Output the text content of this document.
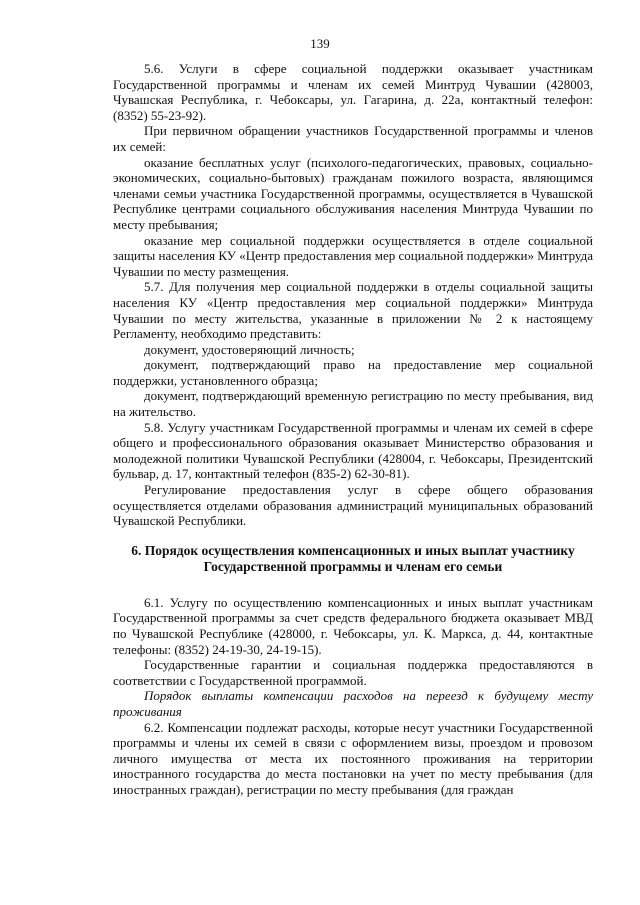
139

5.6. Услуги в сфере социальной поддержки оказывает участникам Государственной программы и членам их семей Минтруд Чувашии (428003, Чувашская Республика, г. Чебоксары, ул. Гагарина, д. 22а, контактный телефон: (8352) 55-23-92).

При первичном обращении участников Государственной программы и членов их семей:

оказание бесплатных услуг (психолого-педагогических, правовых, социально-экономических, социально-бытовых) гражданам пожилого возраста, являющимся членами семьи участника Государственной программы, осуществляется в Чувашской Республике центрами социального обслуживания населения Минтруда Чувашии по месту пребывания;

оказание мер социальной поддержки осуществляется в отделе социальной защиты населения КУ «Центр предоставления мер социальной поддержки» Минтруда Чувашии по месту размещения.

5.7. Для получения мер социальной поддержки в отделы социальной защиты населения КУ «Центр предоставления мер социальной поддержки» Минтруда Чувашии по месту жительства, указанные в приложении № 2 к настоящему Регламенту, необходимо представить:

документ, удостоверяющий личность;

документ, подтверждающий право на предоставление мер социальной поддержки, установленного образца;

документ, подтверждающий временную регистрацию по месту пребывания, вид на жительство.

5.8. Услугу участникам Государственной программы и членам их семей в сфере общего и профессионального образования оказывает Министерство образования и молодежной политики Чувашской Республики (428004, г. Чебоксары, Президентский бульвар, д. 17, контактный телефон (835-2) 62-30-81).

Регулирование предоставления услуг в сфере общего образования осуществляется отделами образования администраций муниципальных образований Чувашской Республики.

6. Порядок осуществления компенсационных и иных выплат участнику Государственной программы и членам его семьи

6.1. Услугу по осуществлению компенсационных и иных выплат участникам Государственной программы за счет средств федерального бюджета оказывает МВД по Чувашской Республике (428000, г. Чебоксары, ул. К. Маркса, д. 44, контактные телефоны: (8352) 24-19-30, 24-19-15).

Государственные гарантии и социальная поддержка предоставляются в соответствии с Государственной программой.

Порядок выплаты компенсации расходов на переезд к будущему месту проживания

6.2. Компенсации подлежат расходы, которые несут участники Государственной программы и члены их семей в связи с оформлением визы, проездом и провозом личного имущества от места их постоянного проживания на территории иностранного государства до места постановки на учет по месту пребывания (для иностранных граждан), регистрации по месту пребывания (для граждан
